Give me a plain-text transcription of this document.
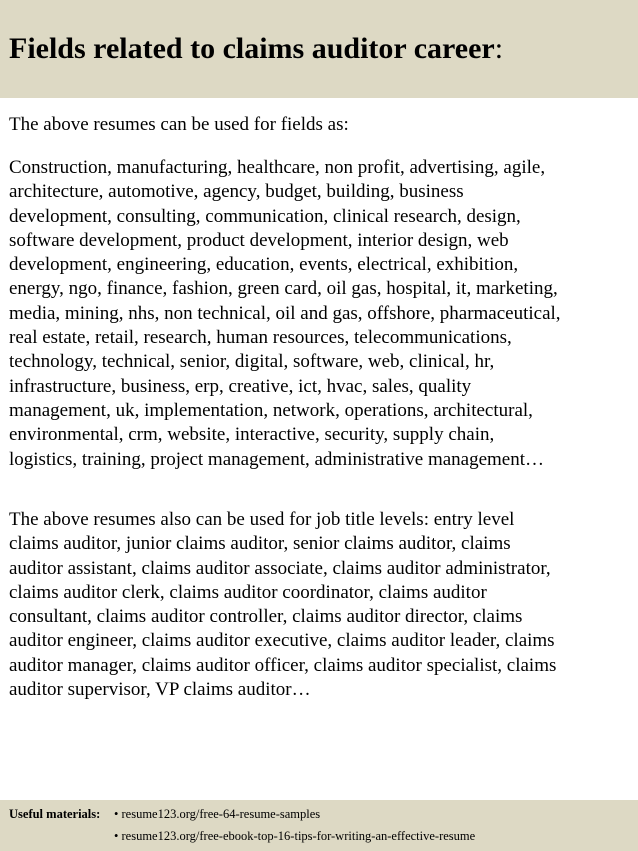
Fields related to claims auditor career:

The above resumes can be used for fields as:

Construction, manufacturing, healthcare, non profit, advertising, agile,
architecture, automotive, agency, budget, building, business
development, consulting, communication, clinical research, design,
software development, product development, interior design, web
development, engineering, education, events, electrical, exhibition,
energy, ngo, finance, fashion, green card, oil gas, hospital, it, marketing,
media, mining, nhs, non technical, oil and gas, offshore, pharmaceutical,
real estate, retail, research, human resources, telecommunications,
technology, technical, senior, digital, software, web, clinical, hr,
infrastructure, business, erp, creative, ict, hvac, sales, quality
management, uk, implementation, network, operations, architectural,
environmental, crm, website, interactive, security, supply chain,
logistics, training, project management, administrative management…

The above resumes also can be used for job title levels: entry level
claims auditor, junior claims auditor, senior claims auditor, claims
auditor assistant, claims auditor associate, claims auditor administrator,
claims auditor clerk, claims auditor coordinator, claims auditor
consultant, claims auditor controller, claims auditor director, claims
auditor engineer, claims auditor executive, claims auditor leader, claims
auditor manager, claims auditor officer, claims auditor specialist, claims
auditor supervisor, VP claims auditor…

Useful materials: • resume123.org/free-64-resume-samples
• resume123.org/free-ebook-top-16-tips-for-writing-an-effective-resume
